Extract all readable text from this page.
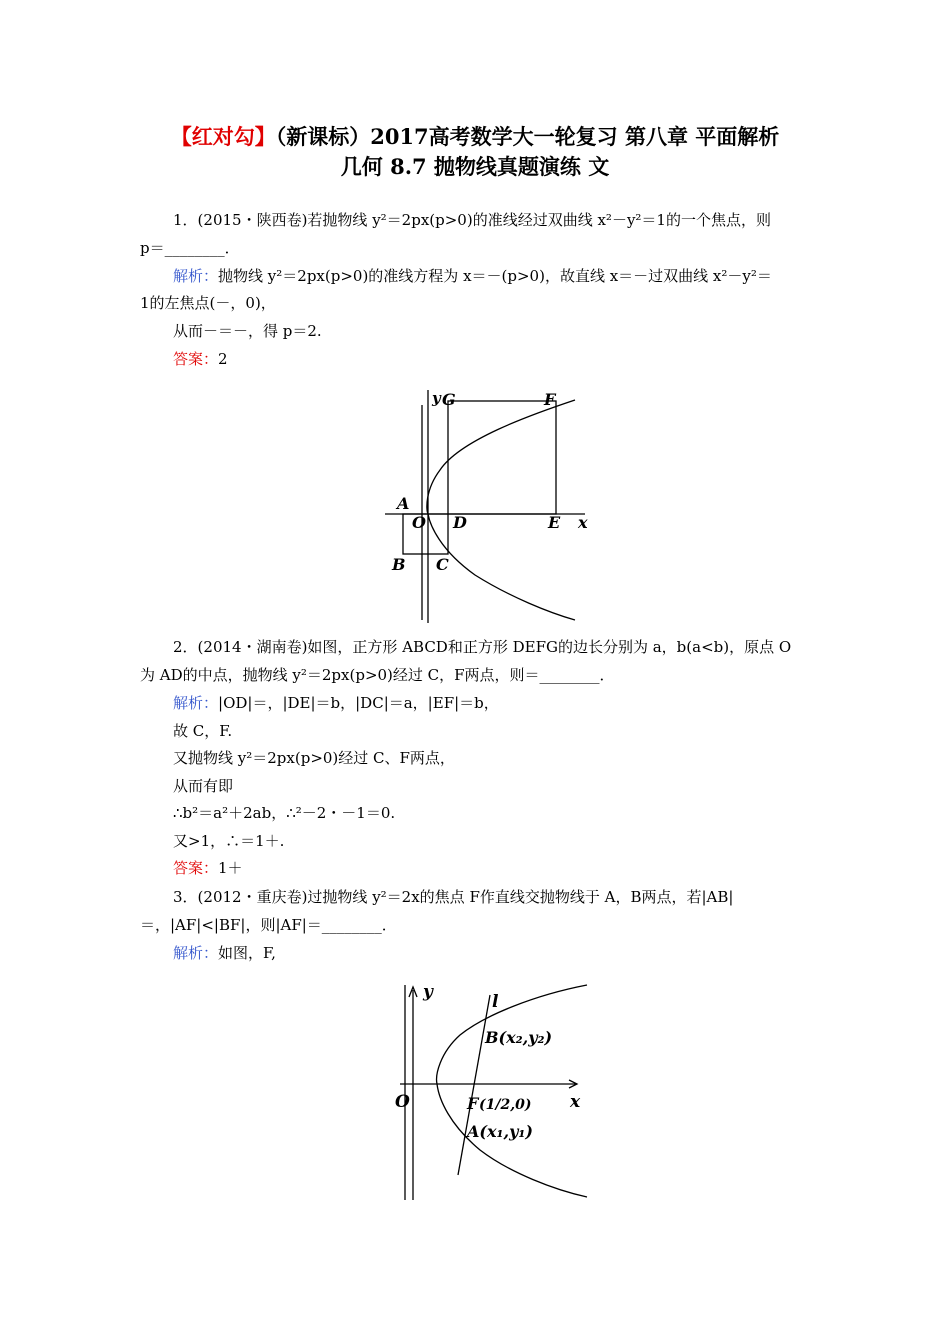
【红对勾】（新课标）2017高考数学大一轮复习 第八章 平面解析
几何 8.7 抛物线真题演练 文
1．(2015・陕西卷)若抛物线 y²＝2px(p>0)的准线经过双曲线 x²－y²＝1的一个焦点，则
p＝________．
解析：抛物线 y²＝2px(p>0)的准线方程为 x＝－(p>0)，故直线 x＝－过双曲线 x²－y²＝
1的左焦点(－，0)，
从而－＝－，得 p＝2.
答案：2
y G	F
A
O D	E x
B C
2．(2014・湖南卷)如图，正方形 ABCD和正方形 DEFG的边长分别为 a，b(a<b)，原点 O
为 AD的中点，抛物线 y²＝2px(p>0)经过 C，F两点，则＝________．
解析：|OD|＝，|DE|＝b，|DC|＝a，|EF|＝b，
故 C，F.
又抛物线 y²＝2px(p>0)经过 C、F两点，
从而有即
∴b²＝a²＋2ab，∴²－2・－1＝0.
又>1，∴＝1＋.
答案：1＋
3．(2012・重庆卷)过抛物线 y²＝2x的焦点 F作直线交抛物线于 A，B两点，若|AB|
＝，|AF|<|BF|，则|AF|＝________．
解析：如图，F,
y	l
B(x₂,y₂)
O	F (1/2,0) x
A(x₁,y₁)
